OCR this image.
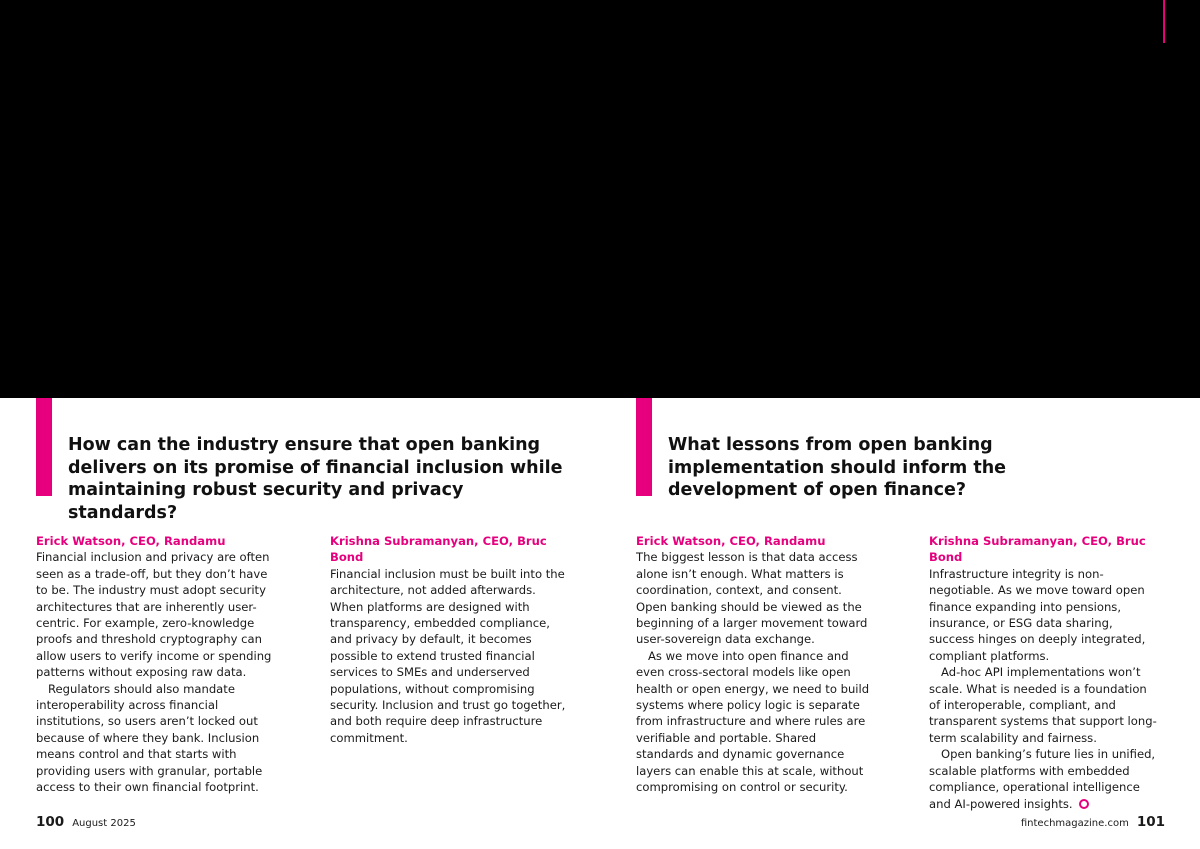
How can the industry ensure that open banking delivers on its promise of financial inclusion while maintaining robust security and privacy standards?
What lessons from open banking implementation should inform the development of open finance?
Erick Watson, CEO, Randamu

Financial inclusion and privacy are often seen as a trade-off, but they don’t have to be. The industry must adopt security architectures that are inherently user-centric. For example, zero-knowledge proofs and threshold cryptography can allow users to verify income or spending patterns without exposing raw data.

Regulators should also mandate interoperability across financial institutions, so users aren’t locked out because of where they bank. Inclusion means control and that starts with providing users with granular, portable access to their own financial footprint.

Krishna Subramanyan, CEO, Bruc Bond

Financial inclusion must be built into the architecture, not added afterwards. When platforms are designed with transparency, embedded compliance, and privacy by default, it becomes possible to extend trusted financial services to SMEs and underserved populations, without compromising security. Inclusion and trust go together, and both require deep infrastructure commitment.

Erick Watson, CEO, Randamu

The biggest lesson is that data access alone isn’t enough. What matters is coordination, context, and consent. Open banking should be viewed as the beginning of a larger movement toward user-sovereign data exchange.

As we move into open finance and even cross-sectoral models like open health or open energy, we need to build systems where policy logic is separate from infrastructure and where rules are verifiable and portable. Shared standards and dynamic governance layers can enable this at scale, without compromising on control or security.

Krishna Subramanyan, CEO, Bruc Bond

Infrastructure integrity is non-negotiable. As we move toward open finance expanding into pensions, insurance, or ESG data sharing, success hinges on deeply integrated, compliant platforms.

Ad-hoc API implementations won’t scale. What is needed is a foundation of interoperable, compliant, and transparent systems that support long-term scalability and fairness.

Open banking’s future lies in unified, scalable platforms with embedded compliance, operational intelligence and AI-powered insights.

100 August 2025	fintechmagazine.com 101
